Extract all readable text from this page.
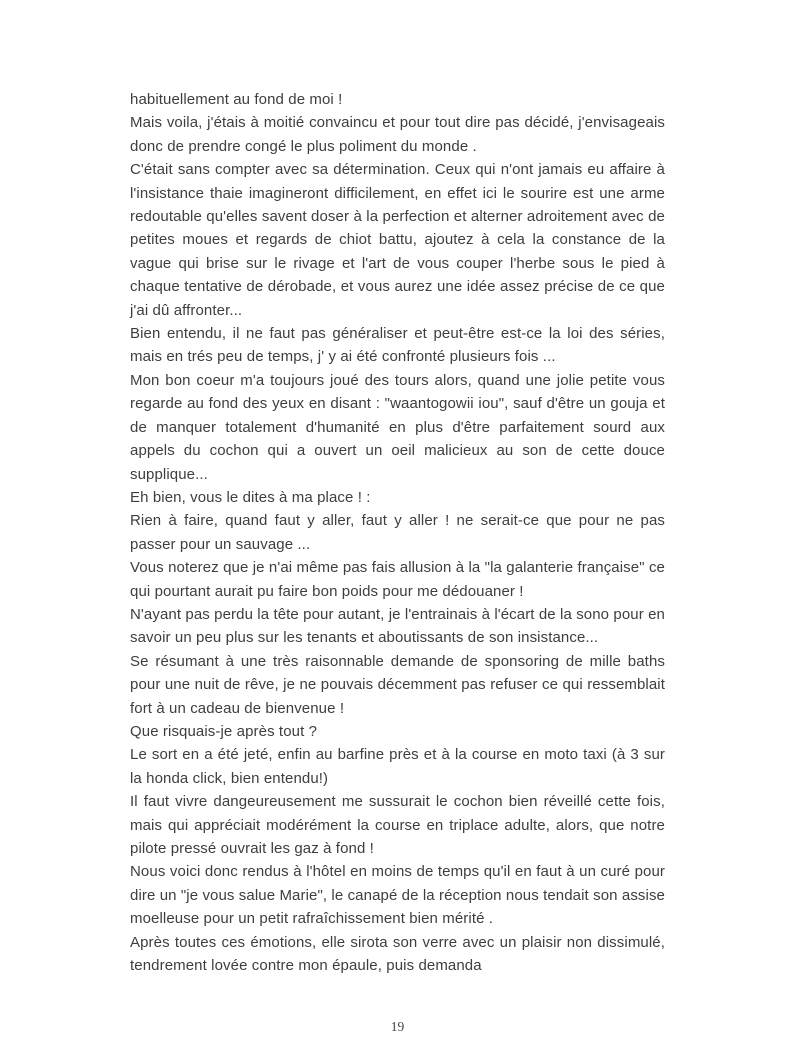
habituellement au fond de moi !

Mais voila, j'étais à moitié convaincu et pour tout dire pas décidé, j'envisageais donc de prendre congé le plus poliment du monde .

C'était sans compter avec sa détermination. Ceux qui n'ont jamais eu affaire à l'insistance thaie imagineront difficilement, en effet ici le sourire est une arme redoutable qu'elles savent doser à la perfection et alterner adroitement avec de petites moues et regards de chiot battu, ajoutez à cela la constance de la vague qui brise sur le rivage et l'art de vous couper l'herbe sous le pied à chaque tentative de dérobade, et vous aurez une idée assez précise de ce que j'ai dû affronter...

Bien entendu, il ne faut pas généraliser et peut-être est-ce la loi des séries, mais en trés peu de temps, j' y ai été confronté plusieurs fois ...

Mon bon coeur m'a toujours joué des tours alors, quand une jolie petite vous regarde au fond des yeux en disant : "waantogowii iou", sauf d'être un gouja et de manquer totalement d'humanité en plus d'être parfaitement sourd aux appels du cochon qui a ouvert un oeil malicieux au son de cette douce supplique...

Eh bien, vous le dites à ma place ! :

Rien à faire, quand faut y aller, faut y aller ! ne serait-ce que pour ne pas passer pour un sauvage ...

Vous noterez que je n'ai même pas fais allusion à la "la galanterie française" ce qui pourtant aurait pu faire bon poids pour me dédouaner !

N'ayant pas perdu la tête pour autant, je l'entrainais à l'écart de la sono pour en savoir un peu plus sur les tenants et aboutissants de son insistance...

Se résumant à une très raisonnable demande de sponsoring de mille baths pour une nuit de rêve, je ne pouvais décemment pas refuser ce qui ressemblait fort à un cadeau de bienvenue !

Que risquais-je après tout ?

Le sort en a été jeté, enfin au barfine près et à la course en moto taxi (à 3 sur la honda click, bien entendu!)

Il faut vivre dangeureusement me sussurait le cochon bien réveillé cette fois, mais qui appréciait modérément la course en triplace adulte, alors, que notre pilote pressé ouvrait les gaz à fond !

Nous voici donc rendus à l'hôtel en moins de temps qu'il en faut à un curé pour dire un "je vous salue Marie", le canapé de la réception nous tendait son assise moelleuse pour un petit rafraîchissement bien mérité .

Après toutes ces émotions, elle sirota son verre avec un plaisir non dissimulé, tendrement lovée contre mon épaule, puis demanda

19
